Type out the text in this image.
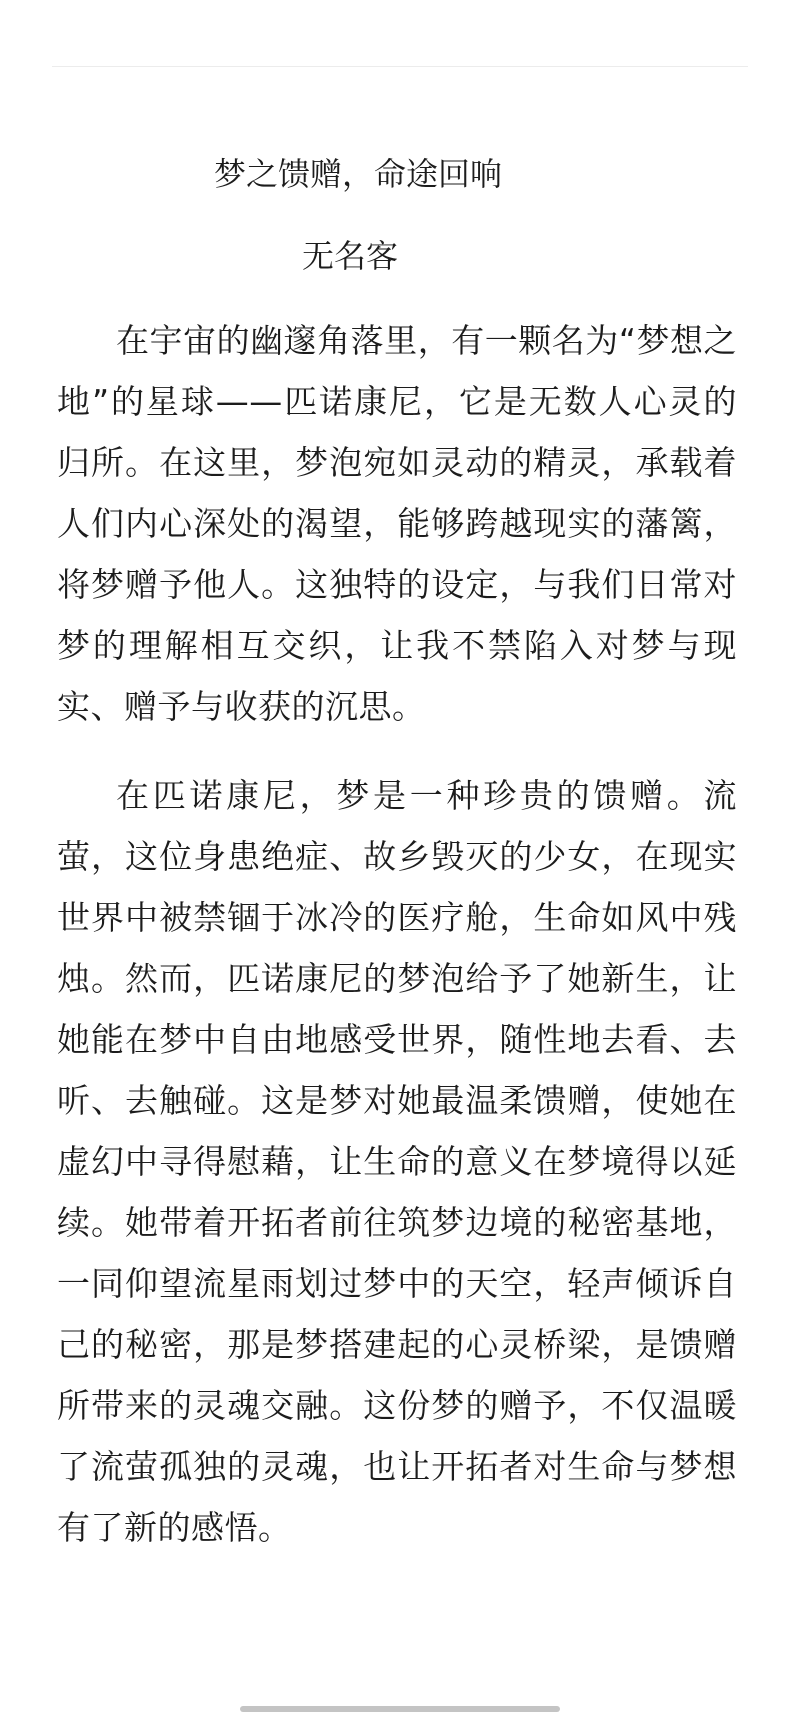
梦之馈赠，命途回响
无名客

在宇宙的幽邃角落里，有一颗名为“梦想之地”的星球——匹诺康尼，它是无数人心灵的归所。在这里，梦泡宛如灵动的精灵，承载着人们内心深处的渴望，能够跨越现实的藩篱，将梦赠予他人。这独特的设定，与我们日常对梦的理解相互交织，让我不禁陷入对梦与现实、赠予与收获的沉思。

在匹诺康尼，梦是一种珍贵的馈赠。流萤，这位身患绝症、故乡毁灭的少女，在现实世界中被禁锢于冰冷的医疗舱，生命如风中残烛。然而，匹诺康尼的梦泡给予了她新生，让她能在梦中自由地感受世界，随性地去看、去听、去触碰。这是梦对她最温柔馈赠，使她在虚幻中寻得慰藉，让生命的意义在梦境得以延续。她带着开拓者前往筑梦边境的秘密基地，一同仰望流星雨划过梦中的天空，轻声倾诉自己的秘密，那是梦搭建起的心灵桥梁，是馈赠所带来的灵魂交融。这份梦的赠予，不仅温暖了流萤孤独的灵魂，也让开拓者对生命与梦想有了新的感悟。
